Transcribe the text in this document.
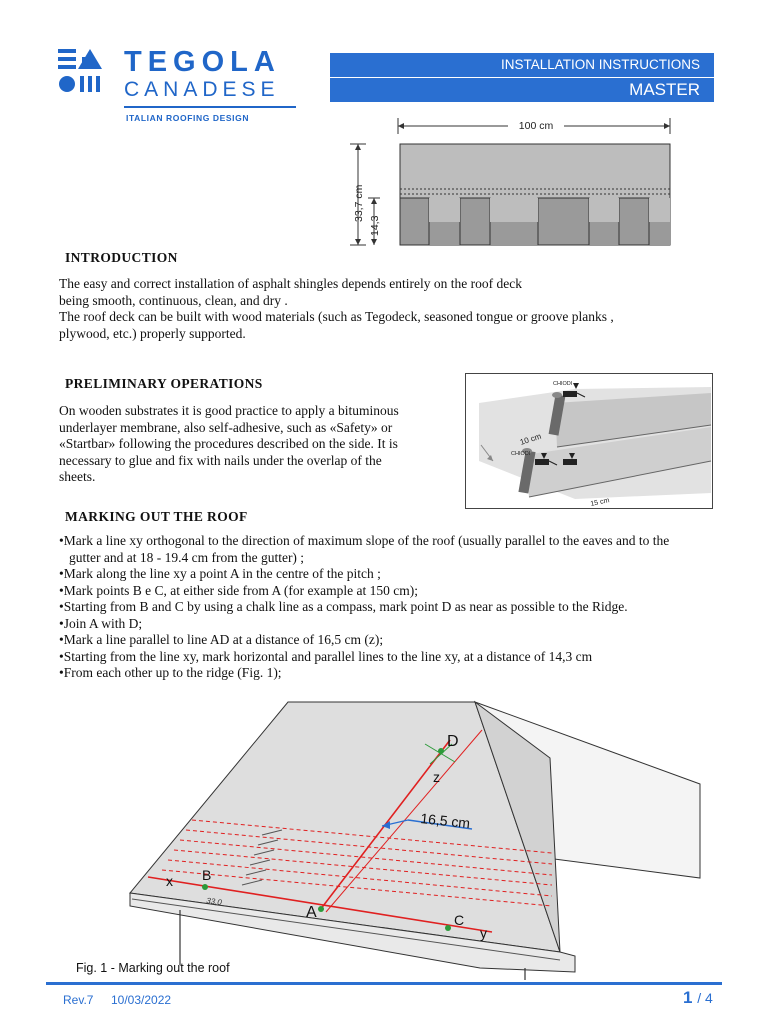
TEGOLA
CANADESE
ITALIAN ROOFING DESIGN
INSTALLATION INSTRUCTIONS
MASTER
100 cm
33,7 cm
14,3
INTRODUCTION

The easy and correct installation of asphalt shingles depends entirely on the roof deck

being smooth, continuous, clean, and dry .

The roof deck can be built with wood materials (such as Tegodeck, seasoned tongue or groove planks ,

plywood, etc.) properly supported.

PRELIMINARY OPERATIONS

On wooden substrates it is good practice to apply a bituminous

underlayer membrane, also self-adhesive, such as «Safety» or

«Startbar» following the procedures described on the side. It is

necessary to glue and fix with nails under the overlap of the

sheets.

CHIODI
CHIODI
10 cm
15 cm
MARKING OUT THE ROOF
• Mark a line xy orthogonal to the direction of maximum slope of the roof (usually parallel to the eaves and to the gutter and at 18 - 19.4 cm from the gutter) ;
• Mark along the line xy a point A in the centre of the pitch ;
• Mark points B e C, at either side from A (for example at 150 cm);
• Starting from B and C by using a chalk line as a compass, mark point D as near as possible to the Ridge.
• Join A with D;
• Mark a line parallel to line AD at a distance of 16,5 cm (z);
• Starting from the line xy, mark horizontal and parallel lines to the line xy, at a distance of 14,3 cm
• From each other up to the ridge (Fig. 1);
D
z
16,5 cm
B
x
A	C
y
33,0
Fig. 1 - Marking out the roof
Rev.7 10/03/2022	1 / 4
